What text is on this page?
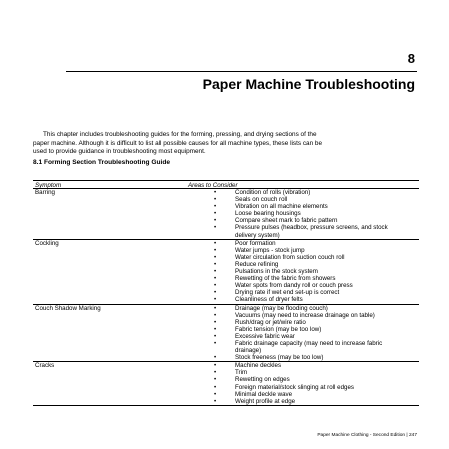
8
Paper Machine Troubleshooting
This chapter includes troubleshooting guides for the forming, pressing, and drying sections of the
paper machine. Although it is difficult to list all possible causes for all machine types, these lists can be
used to provide guidance in troubleshooting most equipment.
8.1 Forming Section Troubleshooting Guide
Symptom	Areas to Consider
Barring	•	Condition of rolls (vibration)
•	Seals on couch roll
•	Vibration on all machine elements
•	Loose bearing housings
•	Compare sheet mark to fabric pattern
•	Pressure pulses (headbox, pressure screens, and stock
delivery system)
Cockling	•	Poor formation
•	Water jumps - stock jump
•	Water circulation from suction couch roll
•	Reduce refining
•	Pulsations in the stock system
•	Rewetting of the fabric from showers
•	Water spots from dandy roll or couch press
•	Drying rate if wet end set-up is correct
•	Cleanliness of dryer felts
Couch Shadow Marking	•	Drainage (may be flooding couch)
•	Vacuums (may need to increase drainage on table)
•	Rush/drag or jet/wire ratio
•	Fabric tension (may be too low)
•	Excessive fabric wear
•	Fabric drainage capacity (may need to increase fabric
drainage)
•	Stock freeness (may be too low)
Cracks	•	Machine deckles
•	Trim
•	Rewetting on edges
•	Foreign material/stock slinging at roll edges
•	Minimal deckle wave
•	Weight profile at edge
Paper Machine Clothing - Second Edition | 247
